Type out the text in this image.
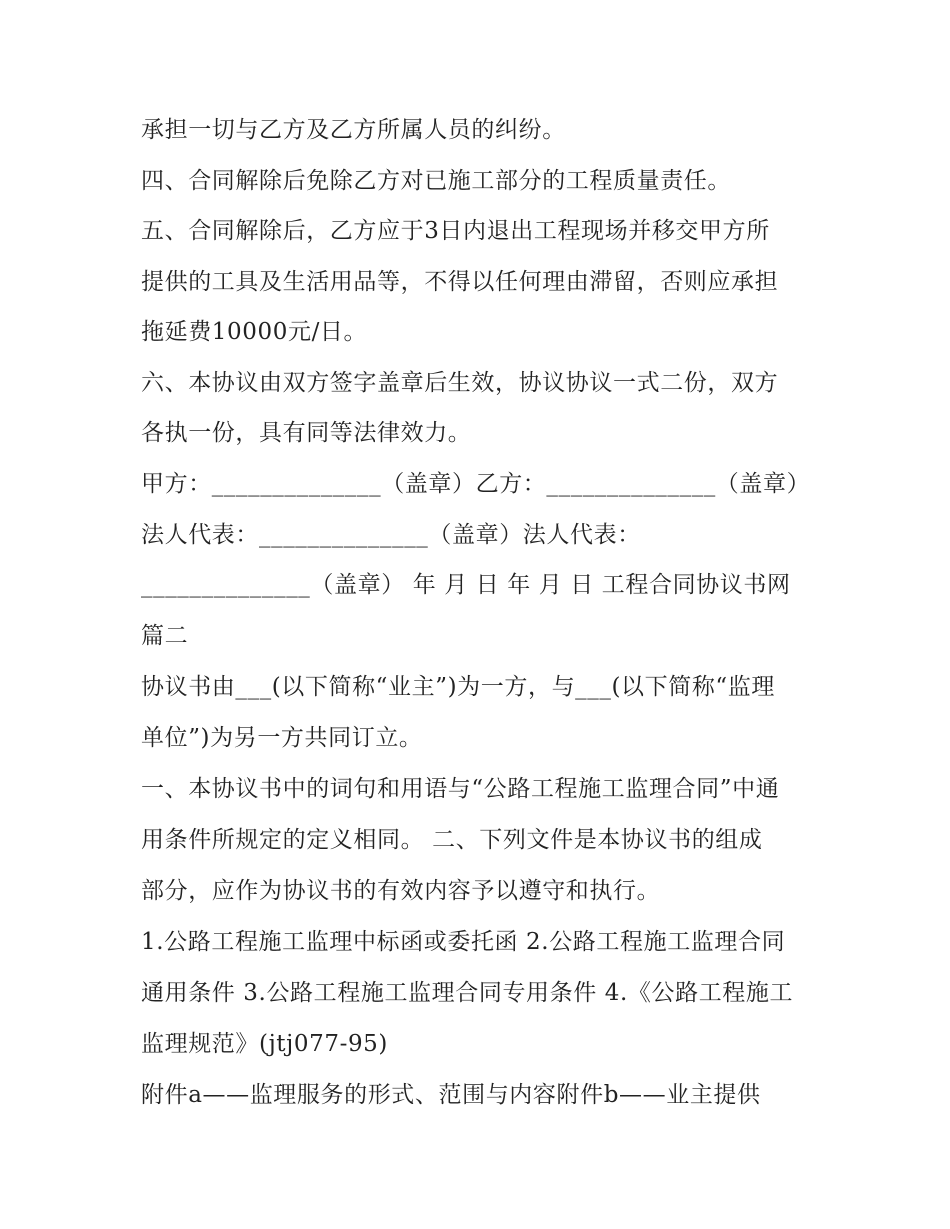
承担一切与乙方及乙方所属人员的纠纷。
四、合同解除后免除乙方对已施工部分的工程质量责任。
五、合同解除后，乙方应于3日内退出工程现场并移交甲方所
提供的工具及生活用品等，不得以任何理由滞留，否则应承担
拖延费10000元/日。
六、本协议由双方签字盖章后生效，协议协议一式二份，双方
各执一份，具有同等法律效力。
甲方：______________（盖章）乙方：______________（盖章）
法人代表：______________（盖章）法人代表：
______________（盖章） 年 月 日 年 月 日 工程合同协议书网
篇二
协议书由___(以下简称“业主”)为一方，与___(以下简称“监理
单位”)为另一方共同订立。
一、本协议书中的词句和用语与“公路工程施工监理合同”中通
用条件所规定的定义相同。 二、下列文件是本协议书的组成
部分，应作为协议书的有效内容予以遵守和执行。
1.公路工程施工监理中标函或委托函 2.公路工程施工监理合同
通用条件 3.公路工程施工监理合同专用条件 4.《公路工程施工
监理规范》(jtj077-95)
附件a——监理服务的形式、范围与内容附件b——业主提供
